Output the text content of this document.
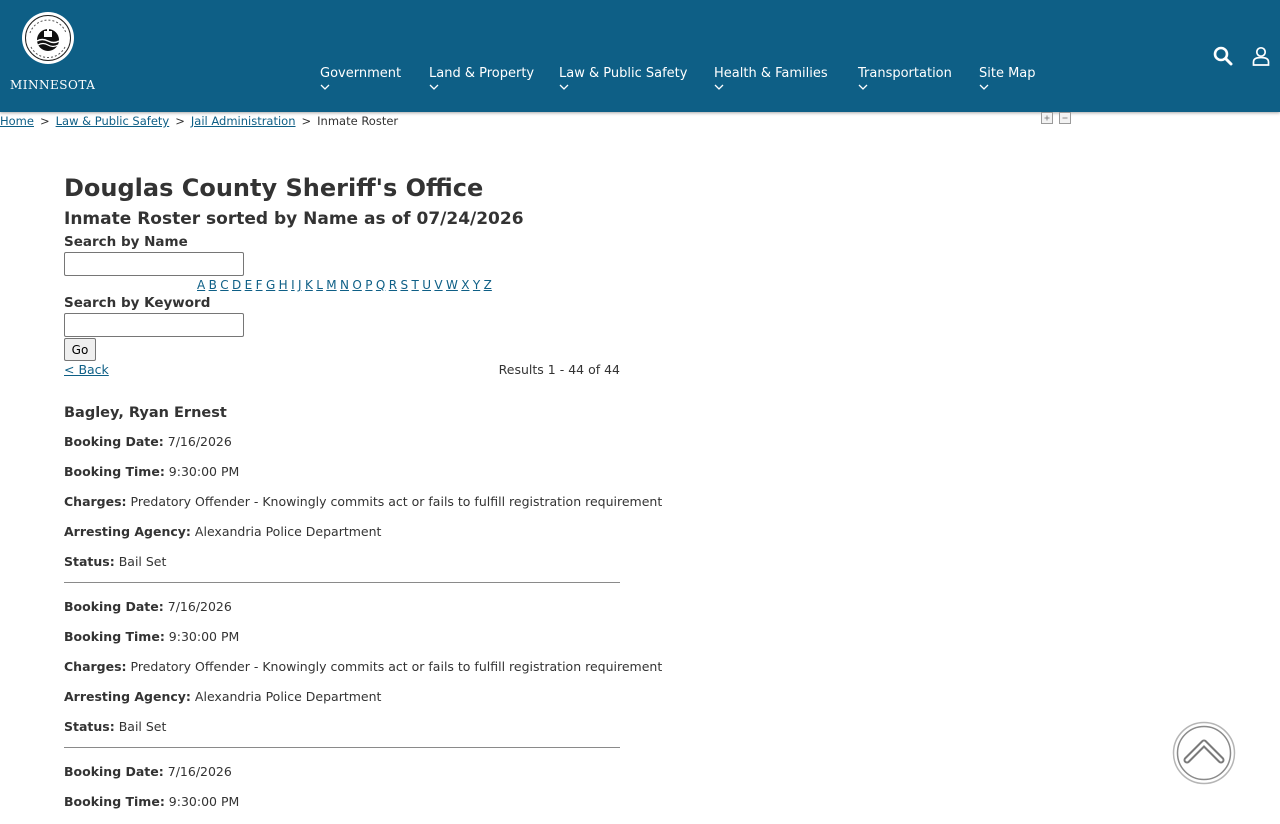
MINNESOTA
Government Land & Property Law & Public Safety Health & Families Transportation Site Map
Home > Law & Public Safety > Jail Administration > Inmate Roster
Douglas County Sheriff's Office
Inmate Roster sorted by Name as of 07/24/2026
Search by Name
A B C D E F G H I J K L M N O P Q R S T U V W X Y Z
Search by Keyword
Go
< Back	Results 1 - 44 of 44
Bagley, Ryan Ernest
Booking Date: 7/16/2026
Booking Time: 9:30:00 PM
Charges: Predatory Offender - Knowingly commits act or fails to fulfill registration requirement
Arresting Agency: Alexandria Police Department
Status: Bail Set
Booking Date: 7/16/2026
Booking Time: 9:30:00 PM
Charges: Predatory Offender - Knowingly commits act or fails to fulfill registration requirement
Arresting Agency: Alexandria Police Department
Status: Bail Set
Booking Date: 7/16/2026
Booking Time: 9:30:00 PM
